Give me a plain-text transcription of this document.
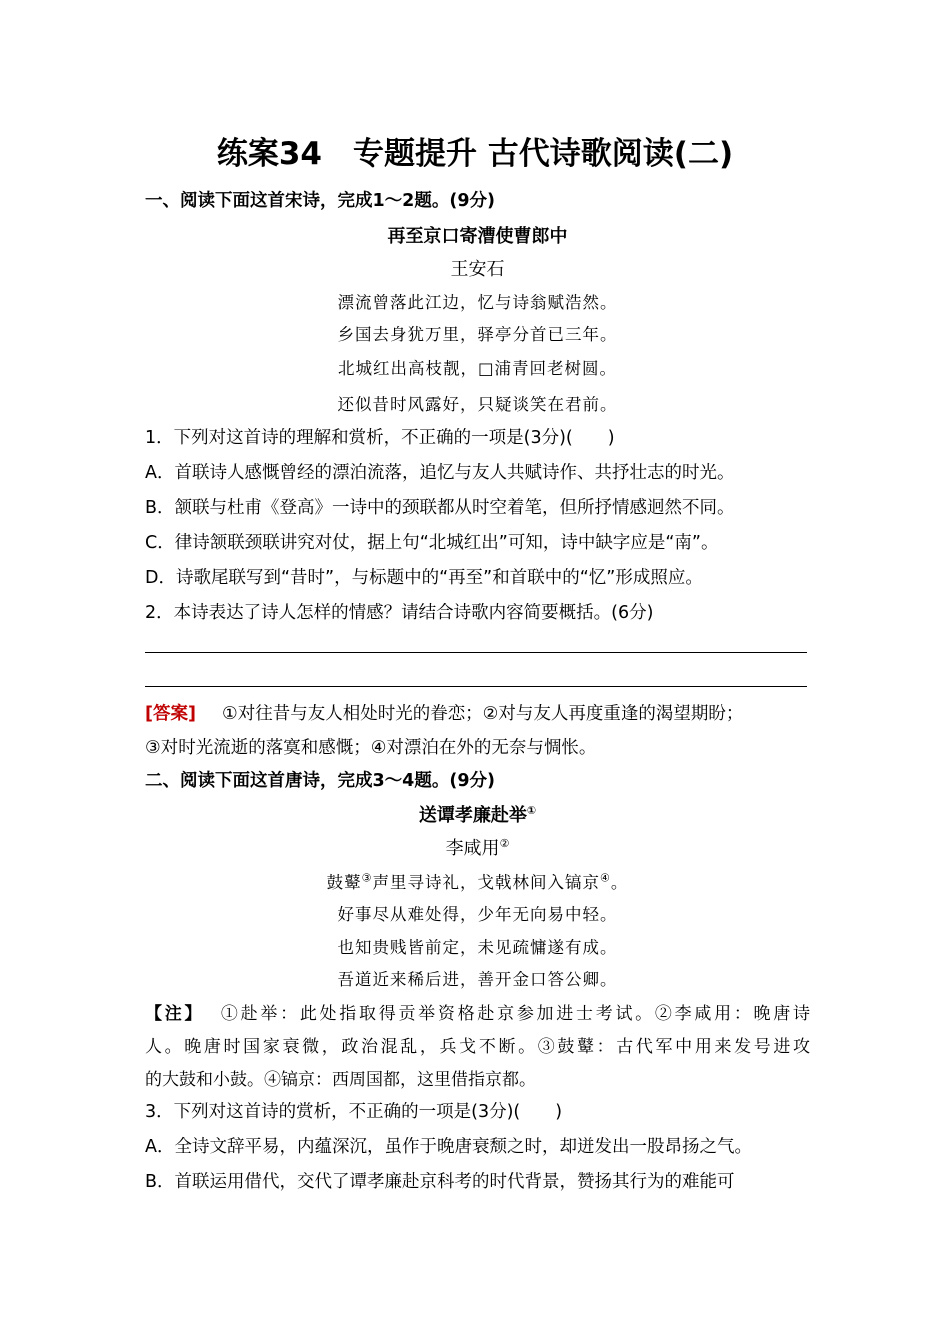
练案34　专题提升 古代诗歌阅读(二)
一、阅读下面这首宋诗，完成1～2题。(9分)
再至京口寄漕使曹郎中
王安石
漂流曾落此江边，忆与诗翁赋浩然。
乡国去身犹万里，驿亭分首已三年。
北城红出高枝靓，□浦青回老树圆。
还似昔时风露好，只疑谈笑在君前。
1．下列对这首诗的理解和赏析，不正确的一项是(3分)(　　)
A．首联诗人感慨曾经的漂泊流落，追忆与友人共赋诗作、共抒壮志的时光。
B．颔联与杜甫《登高》一诗中的颈联都从时空着笔，但所抒情感迥然不同。
C．律诗颔联颈联讲究对仗，据上句“北城红出”可知，诗中缺字应是“南”。
D．诗歌尾联写到“昔时”，与标题中的“再至”和首联中的“忆”形成照应。
2．本诗表达了诗人怎样的情感？请结合诗歌内容简要概括。(6分)
[答案] ①对往昔与友人相处时光的眷恋；②对与友人再度重逢的渴望期盼；
③对时光流逝的落寞和感慨；④对漂泊在外的无奈与惆怅。
二、阅读下面这首唐诗，完成3～4题。(9分)
送谭孝廉赴举①
李咸用②
鼓鼙③声里寻诗礼，戈戟林间入镐京④。
好事尽从难处得，少年无向易中轻。
也知贵贱皆前定，未见疏慵遂有成。
吾道近来稀后进，善开金口答公卿。
【注】 ①赴举：此处指取得贡举资格赴京参加进士考试。②李咸用：晚唐诗
人。晚唐时国家衰微，政治混乱，兵戈不断。③鼓鼙：古代军中用来发号进攻
的大鼓和小鼓。④镐京：西周国都，这里借指京都。
3．下列对这首诗的赏析，不正确的一项是(3分)(　　)
A．全诗文辞平易，内蕴深沉，虽作于晚唐衰颓之时，却迸发出一股昂扬之气。
B．首联运用借代，交代了谭孝廉赴京科考的时代背景，赞扬其行为的难能可
